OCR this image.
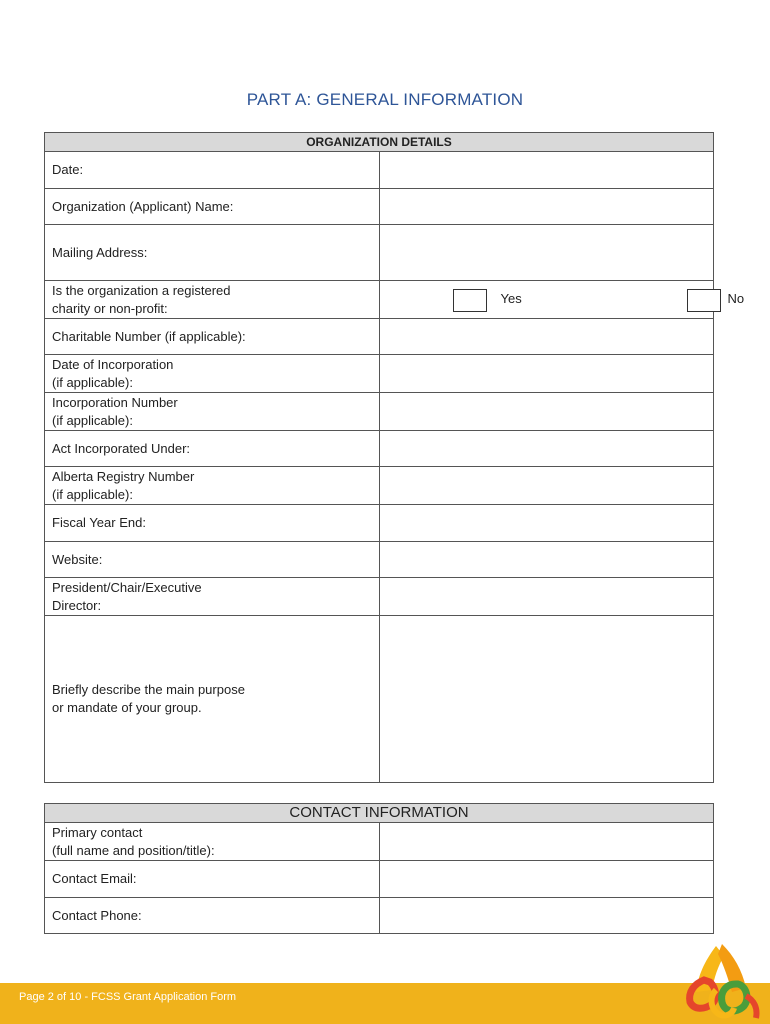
PART A: GENERAL INFORMATION
ORGANIZATION DETAILS	

Date:	

Organization (Applicant) Name:	

Mailing Address:	

Is the organization a registered
charity or non-profit:	Yes No

Charitable Number (if applicable):	

Date of Incorporation
(if applicable):	

Incorporation Number
(if applicable):	

Act Incorporated Under:	

Alberta Registry Number
(if applicable):	

Fiscal Year End:	

Website:	

President/Chair/Executive
Director:	

Briefly describe the main purpose
or mandate of your group.	

CONTACT INFORMATION	

Primary contact
(full name and position/title):	

Contact Email:	

Contact Phone:	

Page 2 of 10 - FCSS Grant Application Form
